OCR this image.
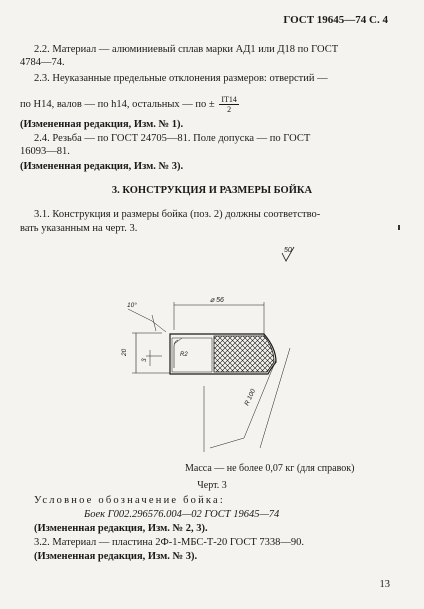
ГОСТ 19645—74 С. 4
2.2. Материал — алюминиевый сплав марки АД1 или Д18 по ГОСТ
4784—74.
2.3. Неуказанные предельные отклонения размеров: отверстий —
по Н14, валов — по h14, остальных — по ± $\frac{IT14}{2}$
(Измененная редакция, Изм. № 1).
2.4. Резьба — по ГОСТ 24705—81. Поле допуска — по ГОСТ
16093—81.
(Измененная редакция, Изм. № 3).
3. КОНСТРУКЦИЯ И РАЗМЕРЫ БОЙКА
3.1. Конструкция и размеры бойка (поз. 2) должны соответство-
вать указанным на черт. 3.
50
⌀ 56
10°
20
3
R2
R 100
Масса — не более 0,07 кг (для справок)
Черт. 3
Условное обозначение бойка:
Боек Г002.296576.004—02 ГОСТ 19645—74
(Измененная редакция, Изм. № 2, 3).
3.2. Материал — пластина 2Ф-1-МБС-Т-20 ГОСТ 7338—90.
(Измененная редакция, Изм. № 3).
13
